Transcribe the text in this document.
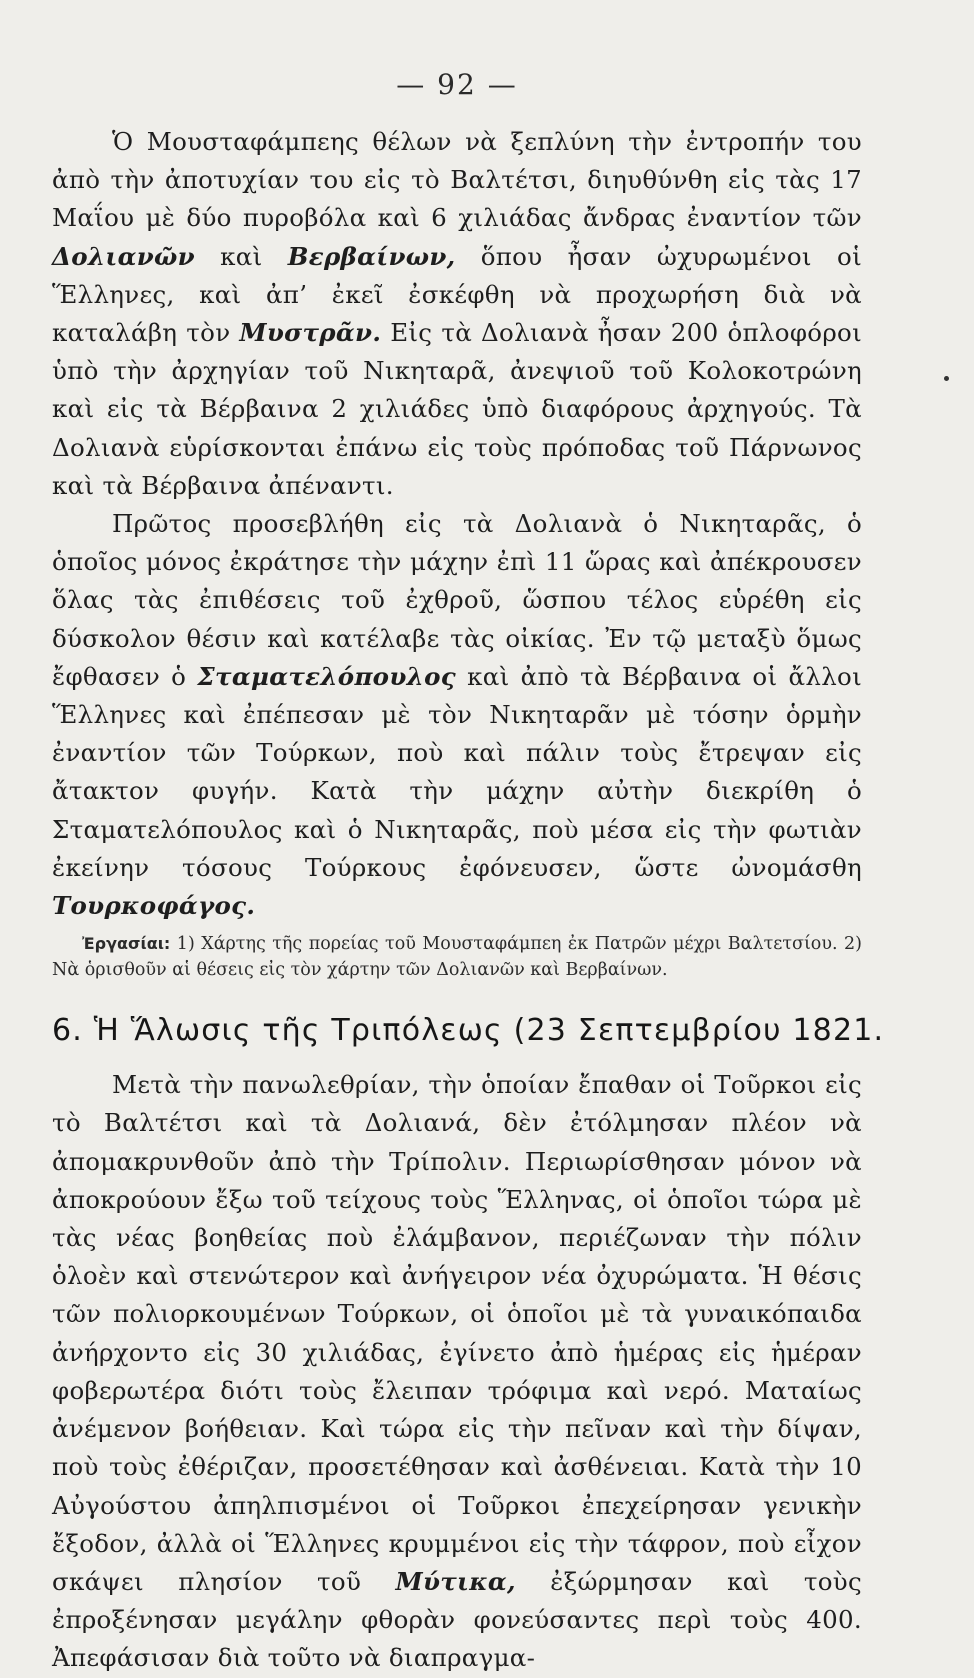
— 92 —

Ὁ Μουσταφάμπεης θέλων νὰ ξεπλύνη τὴν ἐντροπήν του ἀπὸ τὴν ἀποτυχίαν του εἰς τὸ Βαλτέτσι, διηυθύνθη εἰς τὰς 17 Μαΐου μὲ δύο πυροβόλα καὶ 6 χιλιάδας ἄνδρας ἐναντίον τῶν Δολιανῶν καὶ Βερβαίνων, ὅπου ἦσαν ὠχυρωμένοι οἱ Ἕλληνες, καὶ ἀπ’ ἐκεῖ ἐσκέφθη νὰ προχωρήση διὰ νὰ καταλάβη τὸν Μυστρᾶν. Εἰς τὰ Δολιανὰ ἦσαν 200 ὁπλοφόροι ὑπὸ τὴν ἀρχηγίαν τοῦ Νικηταρᾶ, ἀνεψιοῦ τοῦ Κολοκοτρώνη καὶ εἰς τὰ Βέρβαινα 2 χιλιάδες ὑπὸ διαφόρους ἀρχηγούς. Τὰ Δολιανὰ εὑρίσκονται ἐπάνω εἰς τοὺς πρόποδας τοῦ Πάρνωνος καὶ τὰ Βέρβαινα ἀπέναντι.

Πρῶτος προσεβλήθη εἰς τὰ Δολιανὰ ὁ Νικηταρᾶς, ὁ ὁποῖος μόνος ἐκράτησε τὴν μάχην ἐπὶ 11 ὥρας καὶ ἀπέκρουσεν ὅλας τὰς ἐπιθέσεις τοῦ ἐχθροῦ, ὥσπου τέλος εὑρέθη εἰς δύσκολον θέσιν καὶ κατέλαβε τὰς οἰκίας. Ἐν τῷ μεταξὺ ὅμως ἔφθασεν ὁ Σταματελόπουλος καὶ ἀπὸ τὰ Βέρβαινα οἱ ἄλλοι Ἕλληνες καὶ ἐπέπεσαν μὲ τὸν Νικηταρᾶν μὲ τόσην ὁρμὴν ἐναντίον τῶν Τούρκων, ποὺ καὶ πάλιν τοὺς ἔτρεψαν εἰς ἄτακτον φυγήν. Κατὰ τὴν μάχην αὐτὴν διεκρίθη ὁ Σταματελόπουλος καὶ ὁ Νικηταρᾶς, ποὺ μέσα εἰς τὴν φωτιὰν ἐκείνην τόσους Τούρκους ἐφόνευσεν, ὥστε ὠνομάσθη Τουρκοφάγος.

Ἐργασίαι: 1) Χάρτης τῆς πορείας τοῦ Μουσταφάμπεη ἐκ Πατρῶν μέχρι Βαλτετσίου. 2) Νὰ ὁρισθοῦν αἱ θέσεις εἰς τὸν χάρτην τῶν Δολιανῶν καὶ Βερβαίνων.

6. Ἡ Ἅλωσις τῆς Τριπόλεως (23 Σεπτεμβρίου 1821.

Μετὰ τὴν πανωλεθρίαν, τὴν ὁποίαν ἔπαθαν οἱ Τοῦρκοι εἰς τὸ Βαλτέτσι καὶ τὰ Δολιανά, δὲν ἐτόλμησαν πλέον νὰ ἀπομακρυνθοῦν ἀπὸ τὴν Τρίπολιν. Περιωρίσθησαν μόνον νὰ ἀποκρούουν ἔξω τοῦ τείχους τοὺς Ἕλληνας, οἱ ὁποῖοι τώρα μὲ τὰς νέας βοηθείας ποὺ ἐλάμβανον, περιέζωναν τὴν πόλιν ὁλοὲν καὶ στενώτερον καὶ ἀνήγειρον νέα ὀχυρώματα. Ἡ θέσις τῶν πολιορκουμένων Τούρκων, οἱ ὁποῖοι μὲ τὰ γυναικόπαιδα ἀνήρχοντο εἰς 30 χιλιάδας, ἐγίνετο ἀπὸ ἡμέρας εἰς ἡμέραν φοβερωτέρα διότι τοὺς ἔλειπαν τρόφιμα καὶ νερό. Ματαίως ἀνέμενον βοήθειαν. Καὶ τώρα εἰς τὴν πεῖναν καὶ τὴν δίψαν, ποὺ τοὺς ἐθέριζαν, προσετέθησαν καὶ ἀσθένειαι. Κατὰ τὴν 10 Αὐγούστου ἀπηλπισμένοι οἱ Τοῦρκοι ἐπεχείρησαν γενικὴν ἔξοδον, ἀλλὰ οἱ Ἕλληνες κρυμμένοι εἰς τὴν τάφρον, ποὺ εἶχον σκάψει πλησίον τοῦ Μύτικα, ἐξώρμησαν καὶ τοὺς ἐπροξένησαν μεγάλην φθορὰν φονεύσαντες περὶ τοὺς 400. Ἀπεφάσισαν διὰ τοῦτο νὰ διαπραγμα-
